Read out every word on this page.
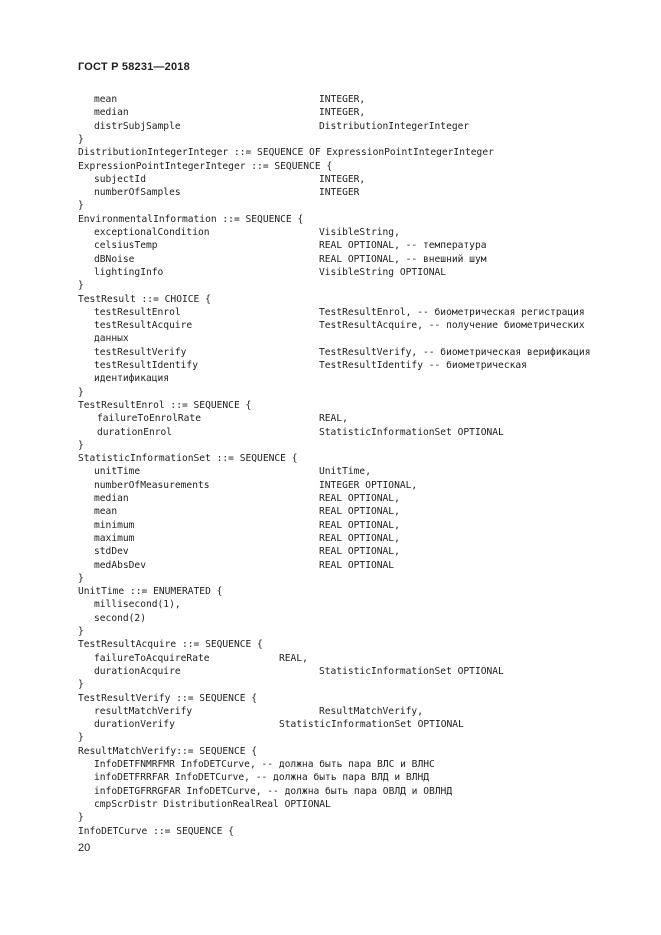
ГОСТ Р 58231—2018
mean	INTEGER,
median	INTEGER,
distrSubjSample	DistributionIntegerInteger
}
DistributionIntegerInteger ::= SEQUENCE OF ExpressionPointIntegerInteger
ExpressionPointIntegerInteger ::= SEQUENCE {
subjectId	INTEGER,
numberOfSamples	INTEGER
}
EnvironmentalInformation ::= SEQUENCE {
exceptionalCondition	VisibleString,
celsiusTemp	REAL OPTIONAL, -- температура
dBNoise	REAL OPTIONAL, -- внешний шум
lightingInfo	VisibleString OPTIONAL
}
TestResult ::= CHOICE {
testResultEnrol	TestResultEnrol, -- биометрическая регистрация
testResultAcquire	TestResultAcquire, -- получение биометрических
данных
testResultVerify	TestResultVerify, -- биометрическая верификация
testResultIdentify	TestResultIdentify -- биометрическая
идентификация
}
TestResultEnrol ::= SEQUENCE {
failureToEnrolRate	REAL,
durationEnrol	StatisticInformationSet OPTIONAL
}
StatisticInformationSet ::= SEQUENCE {
unitTime	UnitTime,
numberOfMeasurements	INTEGER OPTIONAL,
median	REAL OPTIONAL,
mean	REAL OPTIONAL,
minimum	REAL OPTIONAL,
maximum	REAL OPTIONAL,
stdDev	REAL OPTIONAL,
medAbsDev	REAL OPTIONAL
}
UnitTime ::= ENUMERATED {
millisecond(1),
second(2)
}
TestResultAcquire ::= SEQUENCE {
failureToAcquireRate	REAL,
durationAcquire	StatisticInformationSet OPTIONAL
}
TestResultVerify ::= SEQUENCE {
resultMatchVerify	ResultMatchVerify,
durationVerify	StatisticInformationSet OPTIONAL
}
ResultMatchVerify::= SEQUENCE {
InfoDETFNMRFMR InfoDETCurve, -- должна быть пара ВЛС и ВЛНС
infoDETFRRFAR InfoDETCurve, -- должна быть пара ВЛД и ВЛНД
infoDETGFRRGFAR InfoDETCurve, -- должна быть пара ОВЛД и ОВЛНД
cmpScrDistr DistributionRealReal OPTIONAL
}
InfoDETCurve ::= SEQUENCE {
20
